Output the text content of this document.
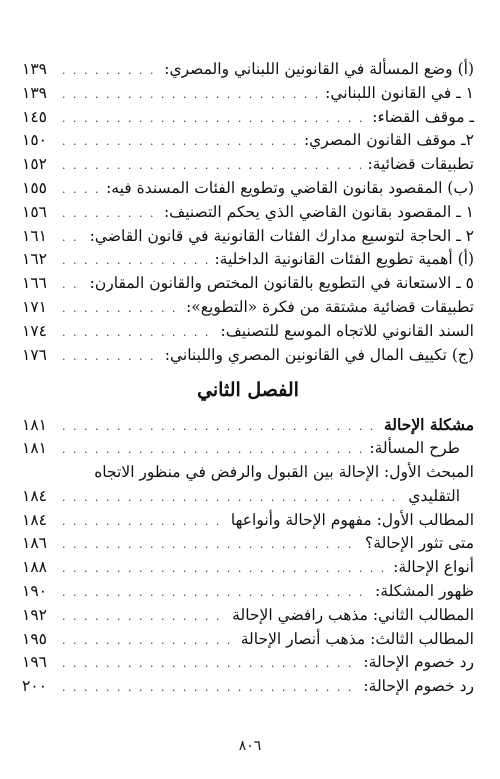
(أ) وضع المسألة في القانونين اللبناني والمصري:
. . .
١٣٩
١ ـ في القانون اللبناني:
. . .
١٣٩
ـ موقف القضاء:
. . .
١٤٥
٢ـ موقف القانون المصري:
. . .
١٥٠
تطبيقات قضائية:
. . .
١٥٢
(ب) المقصود بقانون القاضي وتطويع الفئات المسندة فيه:
. . .
١٥٥
١ ـ المقصود بقانون القاضي الذي يحكم التصنيف:
. . .
١٥٦
٢ ـ الحاجة لتوسيع مدارك الفئات القانونية في قانون القاضي:
. . .
١٦١
(أ) أهمية تطويع الفئات القانونية الداخلية:
. . .
١٦٢
٥ ـ الاستعانة في التطويع بالقانون المختص والقانون المقارن:
. . .
١٦٦
تطبيقات قضائية مشتقة من فكرة «التطويع»:
. . .
١٧١
السند القانوني للاتجاه الموسع للتصنيف:
. . .
١٧٤
(ج) تكييف المال في القانونين المصري واللبناني:
. . .
١٧٦
الفصل الثاني
مشكلة الإحالة
. . .
١٨١
طرح المسألة:
. . .
١٨١
المبحث الأول: الإحالة بين القبول والرفض في منظور الاتجاه
التقليدي
. . .
١٨٤
المطالب الأول: مفهوم الإحالة وأنواعها
. . .
١٨٤
متى تثور الإحالة؟
. . .
١٨٦
أنواع الإحالة:
. . .
١٨٨
ظهور المشكلة:
. . .
١٩٠
المطالب الثاني: مذهب رافضي الإحالة
. . .
١٩٢
المطالب الثالث: مذهب أنصار الإحالة
. . .
١٩٥
رد خصوم الإحالة:
. . .
١٩٦
رد خصوم الإحالة:
. . .
٢٠٠
٨٠٦
